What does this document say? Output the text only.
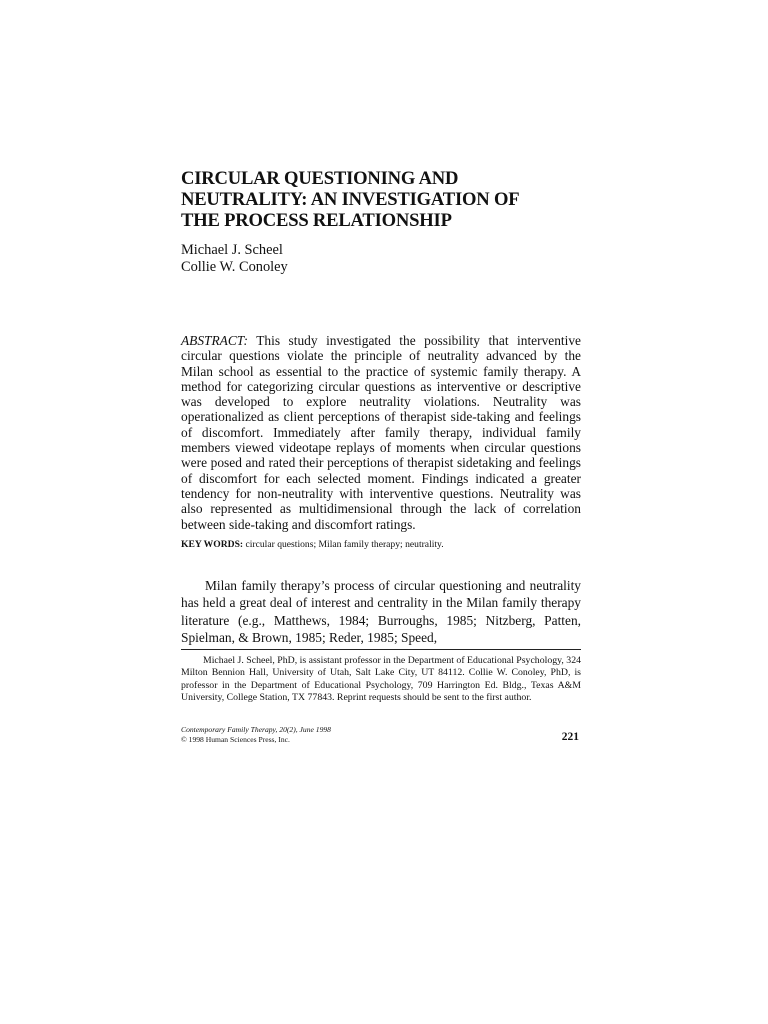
CIRCULAR QUESTIONING AND
NEUTRALITY: AN INVESTIGATION OF
THE PROCESS RELATIONSHIP
Michael J. Scheel
Collie W. Conoley

ABSTRACT: This study investigated the possibility that interventive circular questions violate the principle of neutrality advanced by the Milan school as essential to the practice of systemic family therapy. A method for categorizing circular questions as interventive or descriptive was developed to explore neutrality violations. Neutrality was operationalized as client perceptions of therapist side-taking and feelings of discomfort. Immediately after family therapy, individual family members viewed videotape replays of moments when circular questions were posed and rated their perceptions of therapist sidetaking and feelings of discomfort for each selected moment. Findings indicated a greater tendency for non-neutrality with interventive questions. Neutrality was also represented as multidimensional through the lack of correlation between side-taking and discomfort ratings.

KEY WORDS: circular questions; Milan family therapy; neutrality.

Milan family therapy’s process of circular questioning and neutrality has held a great deal of interest and centrality in the Milan family therapy literature (e.g., Matthews, 1984; Burroughs, 1985; Nitzberg, Patten, Spielman, & Brown, 1985; Reder, 1985; Speed,

Michael J. Scheel, PhD, is assistant professor in the Department of Educational Psychology, 324 Milton Bennion Hall, University of Utah, Salt Lake City, UT 84112. Collie W. Conoley, PhD, is professor in the Department of Educational Psychology, 709 Harrington Ed. Bldg., Texas A&M University, College Station, TX 77843. Reprint requests should be sent to the first author.

Contemporary Family Therapy, 20(2), June 1998
© 1998 Human Sciences Press, Inc.	221
